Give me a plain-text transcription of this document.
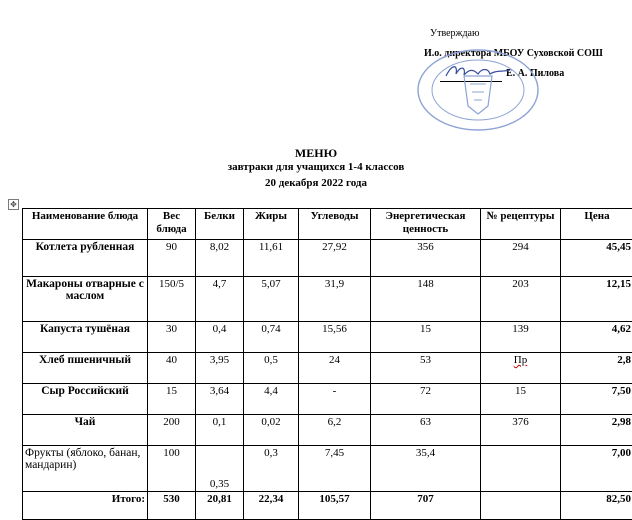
Утверждаю
И.о. директора МБОУ Суховской СОШ
Е. А. Пилова
МЕНЮ
завтраки для учащихся 1-4 классов
20 декабря 2022 года
✥
Наименование блюда	Вес блюда	Белки	Жиры	Углеводы	Энергетическая ценность	№ рецептуры	Цена
Котлета рубленная	90	8,02	11,61	27,92	356	294	45,45
Макароны отварные с маслом	150/5	4,7	5,07	31,9	148	203	12,15
Капуста тушёная	30	0,4	0,74	15,56	15	139	4,62
Хлеб пшеничный	40	3,95	0,5	24	53	Пр	2,8
Сыр Российский	15	3,64	4,4	-	72	15	7,50
Чай	200	0,1	0,02	6,2	63	376	2,98
Фрукты (яблоко, банан, мандарин)	100	0,35	0,3	7,45	35,4		7,00
Итого:	530	20,81	22,34	105,57	707		82,50
